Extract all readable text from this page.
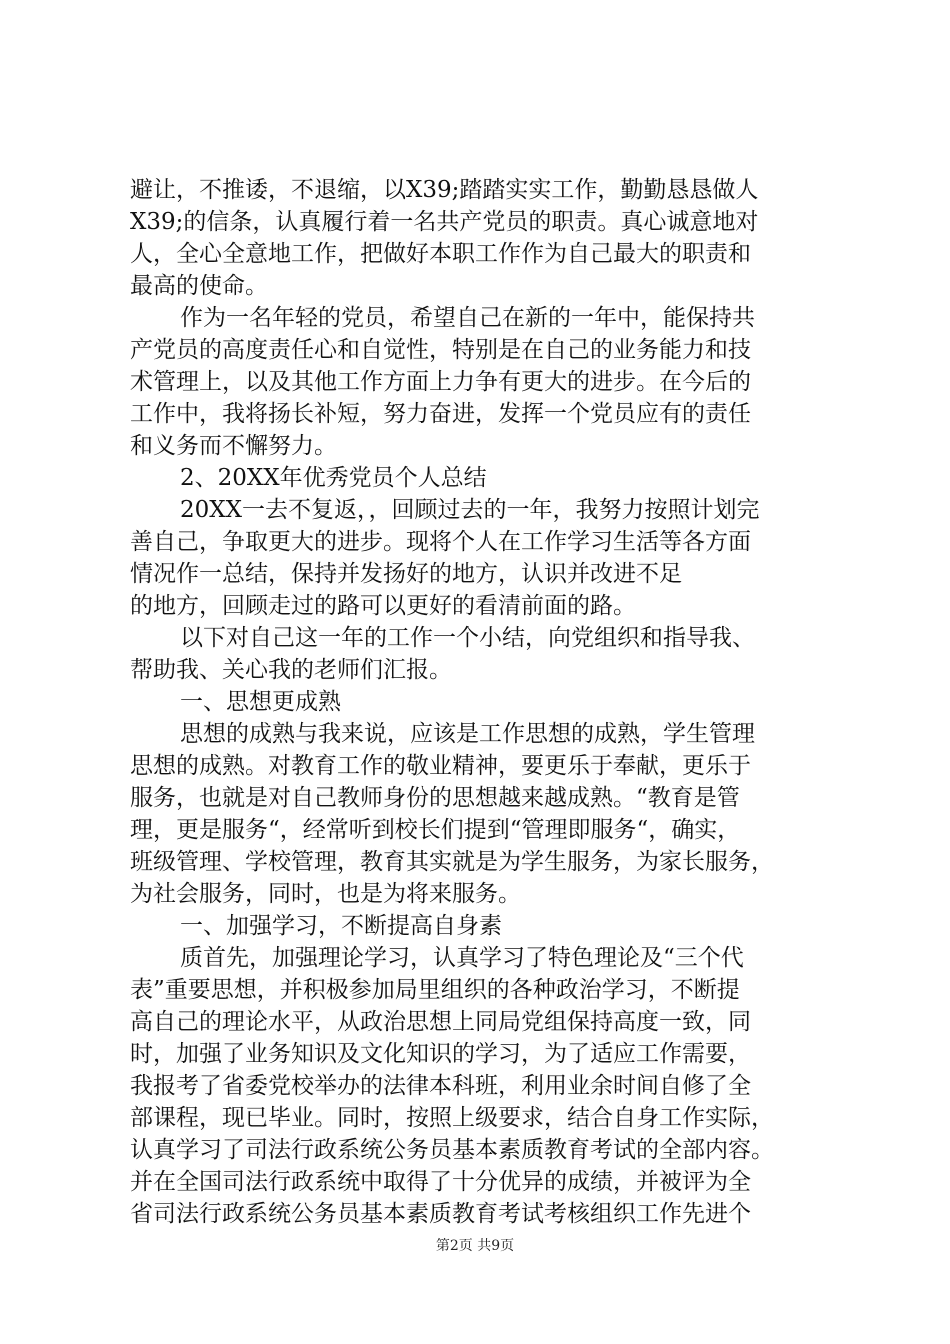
避让，不推诿，不退缩，以X39;踏踏实实工作，勤勤恳恳做人
X39;的信条，认真履行着一名共产党员的职责。真心诚意地对
人，全心全意地工作，把做好本职工作作为自己最大的职责和
最高的使命。
作为一名年轻的党员，希望自己在新的一年中，能保持共
产党员的高度责任心和自觉性，特别是在自己的业务能力和技
术管理上，以及其他工作方面上力争有更大的进步。在今后的
工作中，我将扬长补短，努力奋进，发挥一个党员应有的责任
和义务而不懈努力。
2、20XX年优秀党员个人总结
20XX一去不复返，，回顾过去的一年，我努力按照计划完
善自己，争取更大的进步。现将个人在工作学习生活等各方面
情况作一总结，保持并发扬好的地方，认识并改进不足
的地方，回顾走过的路可以更好的看清前面的路。
以下对自己这一年的工作一个小结，向党组织和指导我、
帮助我、关心我的老师们汇报。
一、思想更成熟
思想的成熟与我来说，应该是工作思想的成熟，学生管理
思想的成熟。对教育工作的敬业精神，要更乐于奉献，更乐于
服务，也就是对自己教师身份的思想越来越成熟。“教育是管
理，更是服务“，经常听到校长们提到“管理即服务“，确实，
班级管理、学校管理，教育其实就是为学生服务，为家长服务，
为社会服务，同时，也是为将来服务。
一、加强学习，不断提高自身素
质首先，加强理论学习，认真学习了特色理论及“三个代
表”重要思想，并积极参加局里组织的各种政治学习，不断提
高自己的理论水平，从政治思想上同局党组保持高度一致，同
时，加强了业务知识及文化知识的学习，为了适应工作需要，
我报考了省委党校举办的法律本科班，利用业余时间自修了全
部课程，现已毕业。同时，按照上级要求，结合自身工作实际，
认真学习了司法行政系统公务员基本素质教育考试的全部内容。
并在全国司法行政系统中取得了十分优异的成绩，并被评为全
省司法行政系统公务员基本素质教育考试考核组织工作先进个
第2页 共9页
